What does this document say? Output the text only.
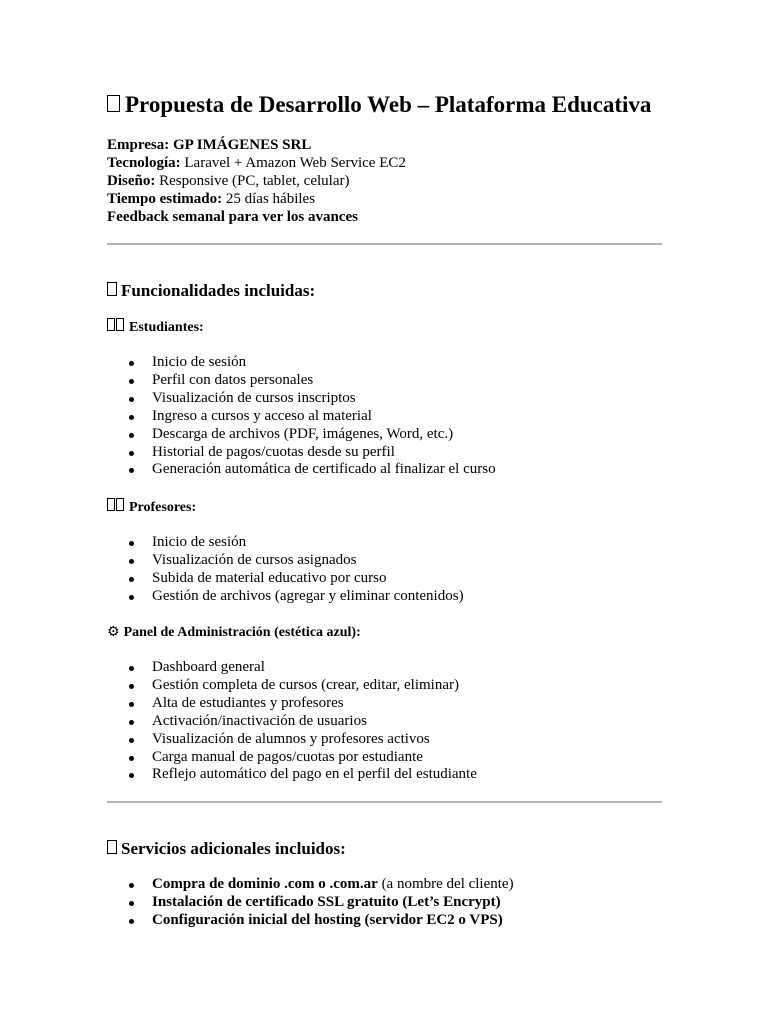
Propuesta de Desarrollo Web – Plataforma Educativa
Empresa: GP IMÁGENES SRL
Tecnología: Laravel + Amazon Web Service EC2
Diseño: Responsive (PC, tablet, celular)
Tiempo estimado: 25 días hábiles
Feedback semanal para ver los avances
Funcionalidades incluidas:
Estudiantes:
Inicio de sesión
Perfil con datos personales
Visualización de cursos inscriptos
Ingreso a cursos y acceso al material
Descarga de archivos (PDF, imágenes, Word, etc.)
Historial de pagos/cuotas desde su perfil
Generación automática de certificado al finalizar el curso
Profesores:
Inicio de sesión
Visualización de cursos asignados
Subida de material educativo por curso
Gestión de archivos (agregar y eliminar contenidos)
⚙ Panel de Administración (estética azul):
Dashboard general
Gestión completa de cursos (crear, editar, eliminar)
Alta de estudiantes y profesores
Activación/inactivación de usuarios
Visualización de alumnos y profesores activos
Carga manual de pagos/cuotas por estudiante
Reflejo automático del pago en el perfil del estudiante
Servicios adicionales incluidos:
Compra de dominio .com o .com.ar (a nombre del cliente)
Instalación de certificado SSL gratuito (Let’s Encrypt)
Configuración inicial del hosting (servidor EC2 o VPS)
